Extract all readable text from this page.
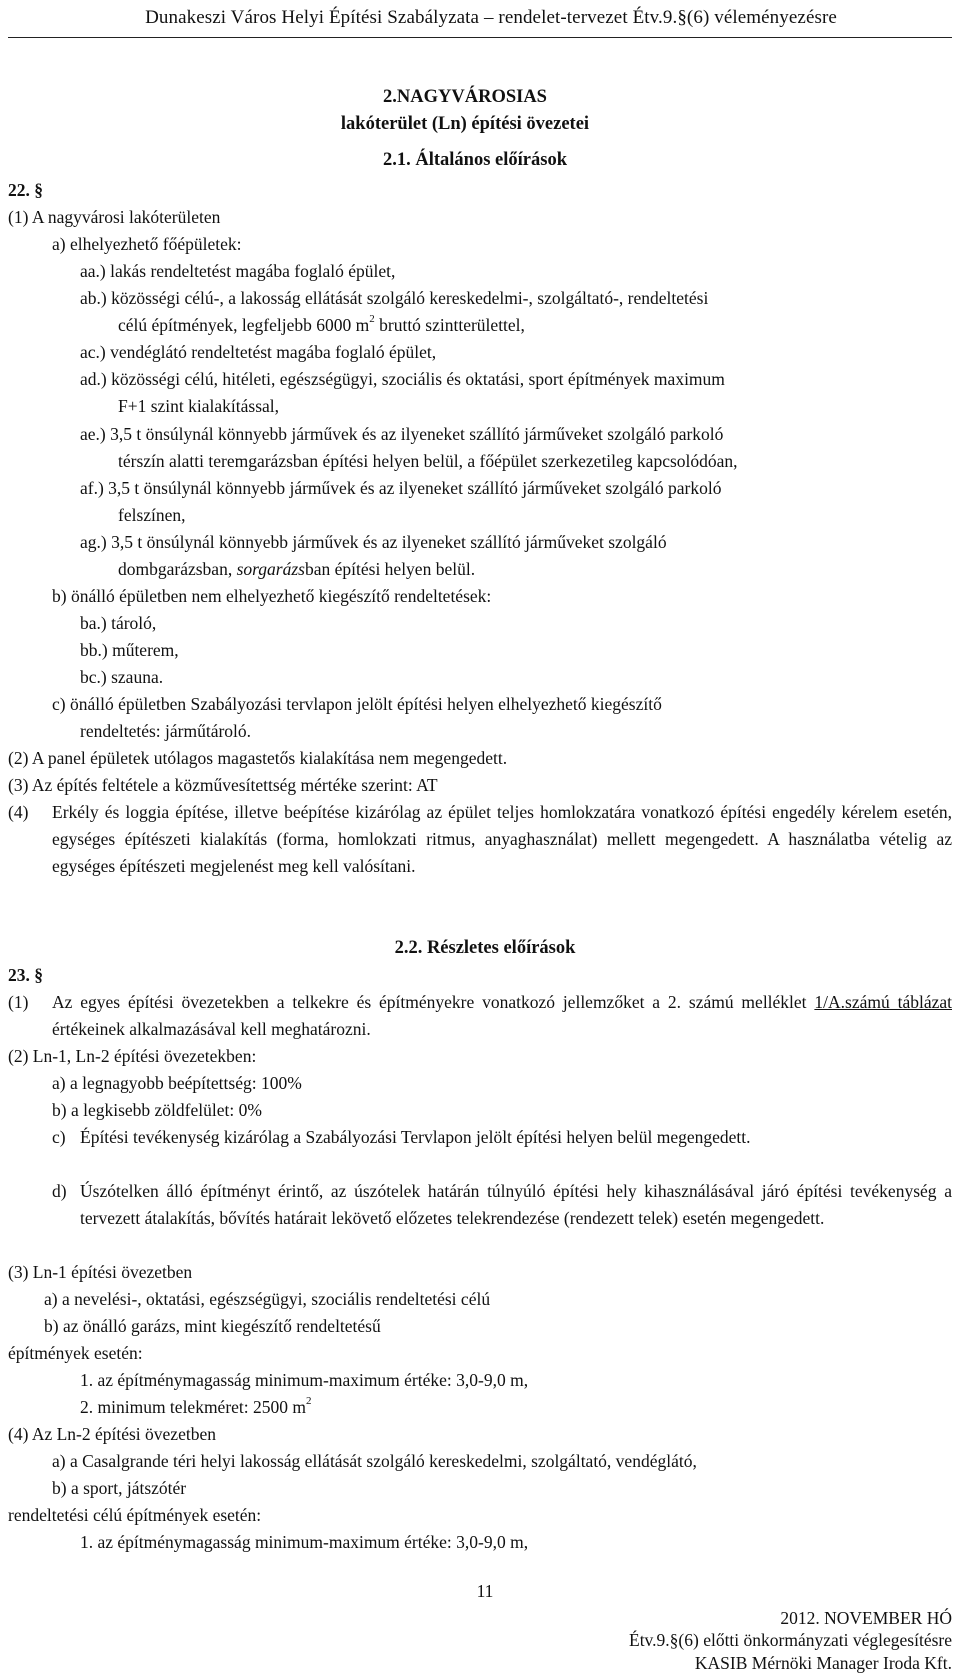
Dunakeszi Város Helyi Építési Szabályzata – rendelet-tervezet Étv.9.§(6) véleményezésre
2.NAGYVÁROSIAS
lakóterület (Ln) építési övezetei
2.1. Általános előírások
22. §
(1) A nagyvárosi lakóterületen
a) elhelyezhető főépületek:
aa.) lakás rendeltetést magába foglaló épület,
ab.) közösségi célú-, a lakosság ellátását szolgáló kereskedelmi-, szolgáltató-, rendeltetési
célú építmények, legfeljebb 6000 $m^2$ bruttó szintterülettel,
ac.) vendéglátó rendeltetést magába foglaló épület,
ad.) közösségi célú, hitéleti, egészségügyi, szociális és oktatási, sport építmények maximum
F+1 szint kialakítással,
ae.) 3,5 t önsúlynál könnyebb járművek és az ilyeneket szállító járműveket szolgáló parkoló
térszín alatti teremgarázsban építési helyen belül, a főépület szerkezetileg kapcsolódóan,
af.) 3,5 t önsúlynál könnyebb járművek és az ilyeneket szállító járműveket szolgáló parkoló
felszínen,
ag.) 3,5 t önsúlynál könnyebb járművek és az ilyeneket szállító járműveket szolgáló
dombgarázsban, sorgarázsban építési helyen belül.
b) önálló épületben nem elhelyezhető kiegészítő rendeltetések:
ba.) tároló,
bb.) műterem,
bc.) szauna.
c) önálló épületben Szabályozási tervlapon jelölt építési helyen elhelyezhető kiegészítő
rendeltetés: járműtároló.
(2) A panel épületek utólagos magastetős kialakítása nem megengedett.
(3) Az építés feltétele a közművesítettség mértéke szerint: AT
(4) Erkély és loggia építése, illetve beépítése kizárólag az épület teljes homlokzatára vonatkozó építési engedély kérelem esetén, egységes építészeti kialakítás (forma, homlokzati ritmus, anyaghasználat) mellett megengedett. A használatba vételig az egységes építészeti megjelenést meg kell valósítani.
2.2. Részletes előírások
23. §
(1) Az egyes építési övezetekben a telkekre és építményekre vonatkozó jellemzőket a 2. számú melléklet 1/A.számú táblázat értékeinek alkalmazásával kell meghatározni.
(2) Ln-1, Ln-2 építési övezetekben:
a) a legnagyobb beépítettség: 100%
b) a legkisebb zöldfelület: 0%
c) Építési tevékenység kizárólag a Szabályozási Tervlapon jelölt építési helyen belül megengedett.
d) Úszótelken álló építményt érintő, az úszótelek határán túlnyúló építési hely kihasználásával járó építési tevékenység a tervezett átalakítás, bővítés határait lekövető előzetes telekrendezése (rendezett telek) esetén megengedett.
(3) Ln-1 építési övezetben
a) a nevelési-, oktatási, egészségügyi, szociális rendeltetési célú
b) az önálló garázs, mint kiegészítő rendeltetésű
építmények esetén:
1. az építménymagasság minimum-maximum értéke: 3,0-9,0 m,
2. minimum telekméret: 2500 $m^2$
(4) Az Ln-2 építési övezetben
a) a Casalgrande téri helyi lakosság ellátását szolgáló kereskedelmi, szolgáltató, vendéglátó,
b) a sport, játszótér
rendeltetési célú építmények esetén:
1. az építménymagasság minimum-maximum értéke: 3,0-9,0 m,
11
2012. NOVEMBER HÓ
Étv.9.§(6) előtti önkormányzati véglegesítésre
KASIB Mérnöki Manager Iroda Kft.
